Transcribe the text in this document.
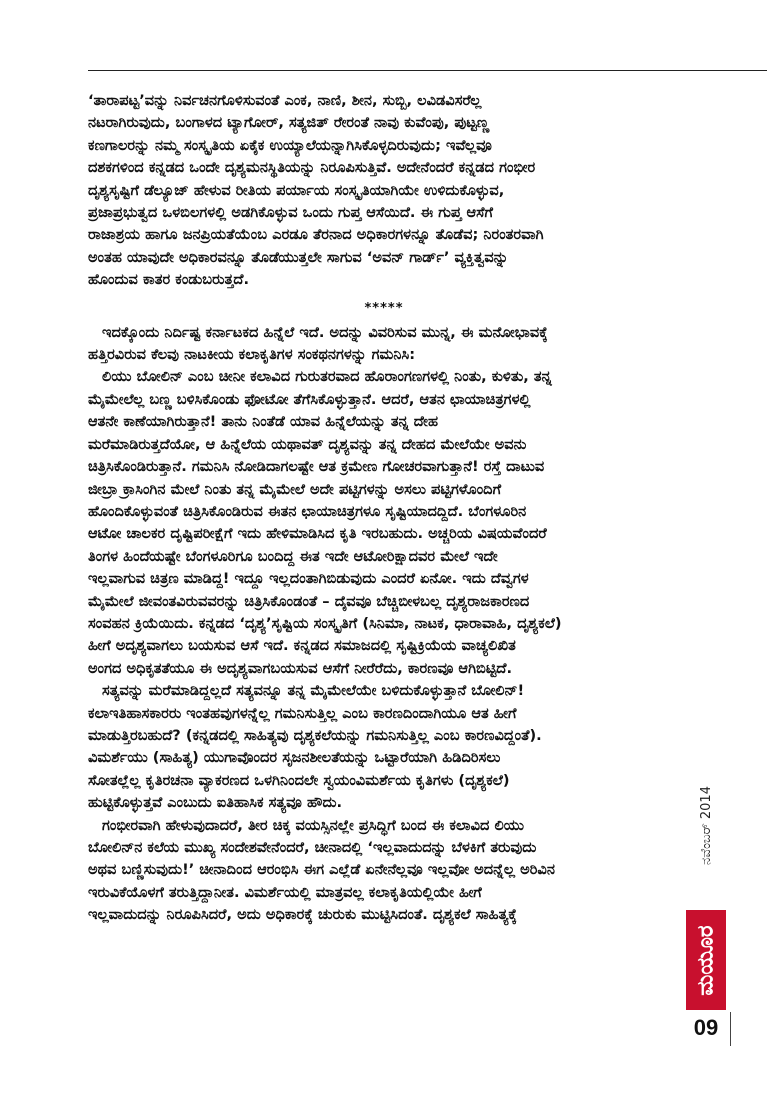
‘ತಾರಾಪಟ್ಟ’ವನ್ನು ನಿರ್ವಚನಗೊಳಿಸುವಂತೆ ಎಂಕ, ನಾಣಿ, ಶೀನ, ಸುಬ್ಬಿ, ಲವಿಡವಿಸರೆಲ್ಲ
ನಟರಾಗಿರುವುದು, ಬಂಗಾಳದ ಟ್ಯಾಗೋರ್, ಸತ್ಯಜಿತ್ ರೇರಂತೆ ನಾವು ಕುವೆಂಪು, ಪುಟ್ಟಣ್ಣ
ಕಣಗಾಲರನ್ನು ನಮ್ಮ ಸಂಸ್ಕೃತಿಯ ಏಕೈಕ ಉಯ್ಯಾಲೆಯನ್ನಾಗಿಸಿಕೊಳ್ಳದಿರುವುದು; ಇವೆಲ್ಲವೂ
ದಶಕಗಳಿಂದ ಕನ್ನಡದ ಒಂದೇ ದೃಶ್ಯಮನಸ್ಥಿತಿಯನ್ನು ನಿರೂಪಿಸುತ್ತಿವೆ. ಅದೇನೆಂದರೆ ಕನ್ನಡದ ಗಂಭೀರ
ದೃಶ್ಯಸೃಷ್ಟಿಗೆ ಡೆಲ್ಯೂಜ್ ಹೇಳುವ ರೀತಿಯ ಪರ್ಯಾಯ ಸಂಸ್ಕೃತಿಯಾಗಿಯೇ ಉಳಿದುಕೊಳ್ಳುವ,
ಪ್ರಜಾಪ್ರಭುತ್ವದ ಒಳಬಿಲಗಳಲ್ಲಿ ಅಡಗಿಕೊಳ್ಳುವ ಒಂದು ಗುಪ್ತ ಆಸೆಯಿದೆ. ಈ ಗುಪ್ತ ಆಸೆಗೆ
ರಾಜಾಶ್ರಯ ಹಾಗೂ ಜನಪ್ರಿಯತೆಯೆಂಬ ಎರಡೂ ತೆರನಾದ ಅಧಿಕಾರಗಳನ್ನೂ ತೊಡೆವ; ನಿರಂತರವಾಗಿ
ಅಂತಹ ಯಾವುದೇ ಅಧಿಕಾರವನ್ನೂ ತೊಡೆಯುತ್ತಲೇ ಸಾಗುವ ‘ಅವನ್ ಗಾರ್ಡ್’ ವ್ಯಕ್ತಿತ್ವವನ್ನು
ಹೊಂದುವ ಕಾತರ ಕಂಡುಬರುತ್ತದೆ.

*****

ಇದಕ್ಕೊಂದು ನಿರ್ದಿಷ್ಟ ಕರ್ನಾಟಕದ ಹಿನ್ನೆಲೆ ಇದೆ. ಅದನ್ನು ವಿವರಿಸುವ ಮುನ್ನ, ಈ ಮನೋಭಾವಕ್ಕೆ
ಹತ್ತಿರವಿರುವ ಕೆಲವು ನಾಟಕೀಯ ಕಲಾಕೃತಿಗಳ ಸಂಕಥನಗಳನ್ನು ಗಮನಿಸಿ:

ಲಿಯು ಬೋಲಿನ್ ಎಂಬ ಚೀನೀ ಕಲಾವಿದ ಗುರುತರವಾದ ಹೊರಾಂಗಣಗಳಲ್ಲಿ ನಿಂತು, ಕುಳಿತು, ತನ್ನ
ಮೈಮೇಲೆಲ್ಲ ಬಣ್ಣ ಬಳಿಸಿಕೊಂಡು ಫೋಟೋ ತೆಗೆಸಿಕೊಳ್ಳುತ್ತಾನೆ. ಆದರೆ, ಆತನ ಛಾಯಾಚಿತ್ರಗಳಲ್ಲಿ
ಆತನೇ ಕಾಣೆಯಾಗಿರುತ್ತಾನೆ! ತಾನು ನಿಂತೆಡೆ ಯಾವ ಹಿನ್ನೆಲೆಯನ್ನು ತನ್ನ ದೇಹ
ಮರೆಮಾಡಿರುತ್ತದೆಯೋ, ಆ ಹಿನ್ನೆಲೆಯ ಯಥಾವತ್ ದೃಶ್ಯವನ್ನು ತನ್ನ ದೇಹದ ಮೇಲೆಯೇ ಅವನು
ಚಿತ್ರಿಸಿಕೊಂಡಿರುತ್ತಾನೆ. ಗಮನಿಸಿ ನೋಡಿದಾಗಲಷ್ಟೇ ಆತ ಕ್ರಮೇಣ ಗೋಚರವಾಗುತ್ತಾನೆ! ರಸ್ತೆ ದಾಟುವ
ಜೀಬ್ರಾ ಕ್ರಾಸಿಂಗಿನ ಮೇಲೆ ನಿಂತು ತನ್ನ ಮೈಮೇಲೆ ಅದೇ ಪಟ್ಟಿಗಳನ್ನು ಅಸಲು ಪಟ್ಟಿಗಳೊಂದಿಗೆ
ಹೊಂದಿಕೊಳ್ಳುವಂತೆ ಚಿತ್ರಿಸಿಕೊಂಡಿರುವ ಈತನ ಛಾಯಾಚಿತ್ರಗಳೂ ಸೃಷ್ಟಿಯಾದದ್ದಿದೆ. ಬೆಂಗಳೂರಿನ
ಆಟೋ ಚಾಲಕರ ದೃಷ್ಟಿಪರೀಕ್ಷೆಗೆ ಇದು ಹೇಳಿಮಾಡಿಸಿದ ಕೃತಿ ಇರಬಹುದು. ಅಚ್ಚರಿಯ ವಿಷಯವೆಂದರೆ
ತಿಂಗಳ ಹಿಂದೆಯಷ್ಟೇ ಬೆಂಗಳೂರಿಗೂ ಬಂದಿದ್ದ ಈತ ಇದೇ ಆಟೋರಿಕ್ಷಾದವರ ಮೇಲೆ ಇದೇ
ಇಲ್ಲವಾಗುವ ಚಿತ್ರಣ ಮಾಡಿದ್ದ! ಇದ್ದೂ ಇಲ್ಲದಂತಾಗಿಬಿಡುವುದು ಎಂದರೆ ಏನೋ. ಇದು ದೆವ್ವಗಳ
ಮೈಮೇಲೆ ಜೀವಂತವಿರುವವರನ್ನು ಚಿತ್ರಿಸಿಕೊಂಡಂತೆ – ದೈವವೂ ಬೆಚ್ಚಿಬೀಳಬಲ್ಲ ದೃಶ್ಯರಾಜಕಾರಣದ
ಸಂವಹನ ಕ್ರಿಯೆಯಿದು. ಕನ್ನಡದ ‘ದೃಶ್ಯ’ಸೃಷ್ಟಿಯ ಸಂಸ್ಕೃತಿಗೆ (ಸಿನಿಮಾ, ನಾಟಕ, ಧಾರಾವಾಹಿ, ದೃಶ್ಯಕಲೆ)
ಹೀಗೆ ಅದೃಶ್ಯವಾಗಲು ಬಯಸುವ ಆಸೆ ಇದೆ. ಕನ್ನಡದ ಸಮಾಜದಲ್ಲಿ ಸೃಷ್ಟಿಕ್ರಿಯೆಯ ವಾಚ್ಯಲಿಖಿತ
ಅಂಗದ ಅಧಿಕೃತತೆಯೂ ಈ ಅದೃಶ್ಯವಾಗಬಯಸುವ ಆಸೆಗೆ ನೀರೆರೆದು, ಕಾರಣವೂ ಆಗಿಬಿಟ್ಟಿದೆ.

ಸತ್ಯವನ್ನು ಮರೆಮಾಡಿದ್ದಲ್ಲದೆ ಸತ್ಯವನ್ನೂ ತನ್ನ ಮೈಮೇಲೆಯೇ ಬಳಿದುಕೊಳ್ಳುತ್ತಾನೆ ಬೋಲಿನ್!
ಕಲಾಇತಿಹಾಸಕಾರರು ಇಂತಹವುಗಳನ್ನೆಲ್ಲ ಗಮನಿಸುತ್ತಿಲ್ಲ ಎಂಬ ಕಾರಣದಿಂದಾಗಿಯೂ ಆತ ಹೀಗೆ
ಮಾಡುತ್ತಿರಬಹುದೆ? (ಕನ್ನಡದಲ್ಲಿ ಸಾಹಿತ್ಯವು ದೃಶ್ಯಕಲೆಯನ್ನು ಗಮನಿಸುತ್ತಿಲ್ಲ ಎಂಬ ಕಾರಣವಿದ್ದಂತೆ).
ವಿಮರ್ಶೆಯು (ಸಾಹಿತ್ಯ) ಯುಗಾವೊಂದರ ಸೃಜನಶೀಲತೆಯನ್ನು ಒಟ್ಟಾರೆಯಾಗಿ ಹಿಡಿದಿರಿಸಲು
ಸೋತಲ್ಲೆಲ್ಲ ಕೃತಿರಚನಾ ವ್ಯಾಕರಣದ ಒಳಗಿನಿಂದಲೇ ಸ್ವಯಂವಿಮರ್ಶೆಯ ಕೃತಿಗಳು (ದೃಶ್ಯಕಲೆ)
ಹುಟ್ಟಿಕೊಳ್ಳುತ್ತವೆ ಎಂಬುದು ಐತಿಹಾಸಿಕ ಸತ್ಯವೂ ಹೌದು.

ಗಂಭೀರವಾಗಿ ಹೇಳುವುದಾದರೆ, ತೀರ ಚಿಕ್ಕ ವಯಸ್ಸಿನಲ್ಲೇ ಪ್ರಸಿದ್ಧಿಗೆ ಬಂದ ಈ ಕಲಾವಿದ ಲಿಯು
ಬೋಲಿನ್‌ನ ಕಲೆಯ ಮುಖ್ಯ ಸಂದೇಶವೇನೆಂದರೆ, ಚೀನಾದಲ್ಲಿ ‘ಇಲ್ಲವಾದುದನ್ನು ಬೆಳಕಿಗೆ ತರುವುದು
ಅಥವ ಬಣ್ಣಿಸುವುದು!’ ಚೀನಾದಿಂದ ಆರಂಭಿಸಿ ಈಗ ಎಲ್ಲೆಡೆ ಏನೇನೆಲ್ಲವೂ ಇಲ್ಲವೋ ಅದನ್ನೆಲ್ಲ ಅರಿವಿನ
ಇರುವಿಕೆಯೊಳಗೆ ತರುತ್ತಿದ್ದಾನೀತ. ವಿಮರ್ಶೆಯಲ್ಲಿ ಮಾತ್ರವಲ್ಲ ಕಲಾಕೃತಿಯಲ್ಲಿಯೇ ಹೀಗೆ
ಇಲ್ಲವಾದುದನ್ನು ನಿರೂಪಿಸಿದರೆ, ಅದು ಅಧಿಕಾರಕ್ಕೆ ಚುರುಕು ಮುಟ್ಟಿಸಿದಂತೆ. ದೃಶ್ಯಕಲೆ ಸಾಹಿತ್ಯಕ್ಕೆ

ನವೆಂಬರ್ 2014
ಮಯೂರ
09
